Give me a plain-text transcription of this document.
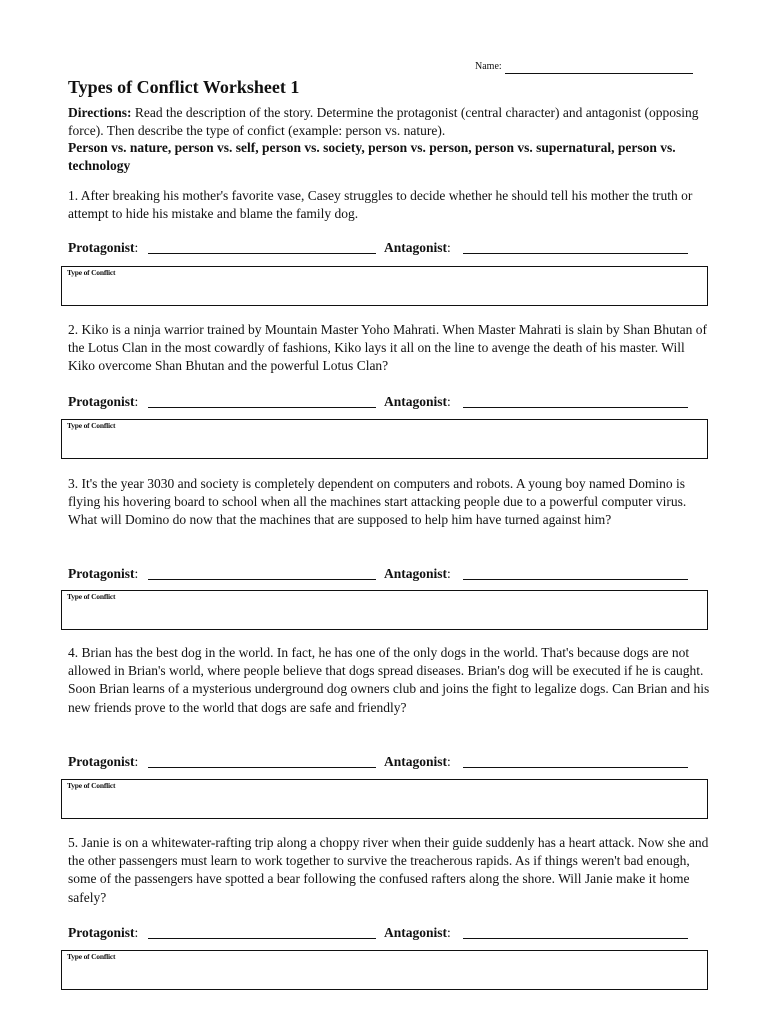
Name:
Types of Conflict Worksheet 1

Directions: Read the description of the story. Determine the protagonist (central character) and antagonist (opposing force). Then describe the type of confict (example: person vs. nature).

Person vs. nature, person vs. self, person vs. society, person vs. person, person vs. supernatural, person vs. technology

1. After breaking his mother's favorite vase, Casey struggles to decide whether he should tell his mother the truth or attempt to hide his mistake and blame the family dog.

Protagonist:	Antagonist:
Type of Conflict

2. Kiko is a ninja warrior trained by Mountain Master Yoho Mahrati. When Master Mahrati is slain by Shan Bhutan of the Lotus Clan in the most cowardly of fashions, Kiko lays it all on the line to avenge the death of his master. Will Kiko overcome Shan Bhutan and the powerful Lotus Clan?

Protagonist:	Antagonist:
Type of Conflict

3. It's the year 3030 and society is completely dependent on computers and robots. A young boy named Domino is flying his hovering board to school when all the machines start attacking people due to a powerful computer virus. What will Domino do now that the machines that are supposed to help him have turned against him?

Protagonist:	Antagonist:
Type of Conflict

4. Brian has the best dog in the world. In fact, he has one of the only dogs in the world. That's because dogs are not allowed in Brian's world, where people believe that dogs spread diseases. Brian's dog will be executed if he is caught. Soon Brian learns of a mysterious underground dog owners club and joins the fight to legalize dogs. Can Brian and his new friends prove to the world that dogs are safe and friendly?

Protagonist:	Antagonist:
Type of Conflict

5. Janie is on a whitewater-rafting trip along a choppy river when their guide suddenly has a heart attack. Now she and the other passengers must learn to work together to survive the treacherous rapids. As if things weren't bad enough, some of the passengers have spotted a bear following the confused rafters along the shore. Will Janie make it home safely?

Protagonist:	Antagonist:
Type of Conflict
